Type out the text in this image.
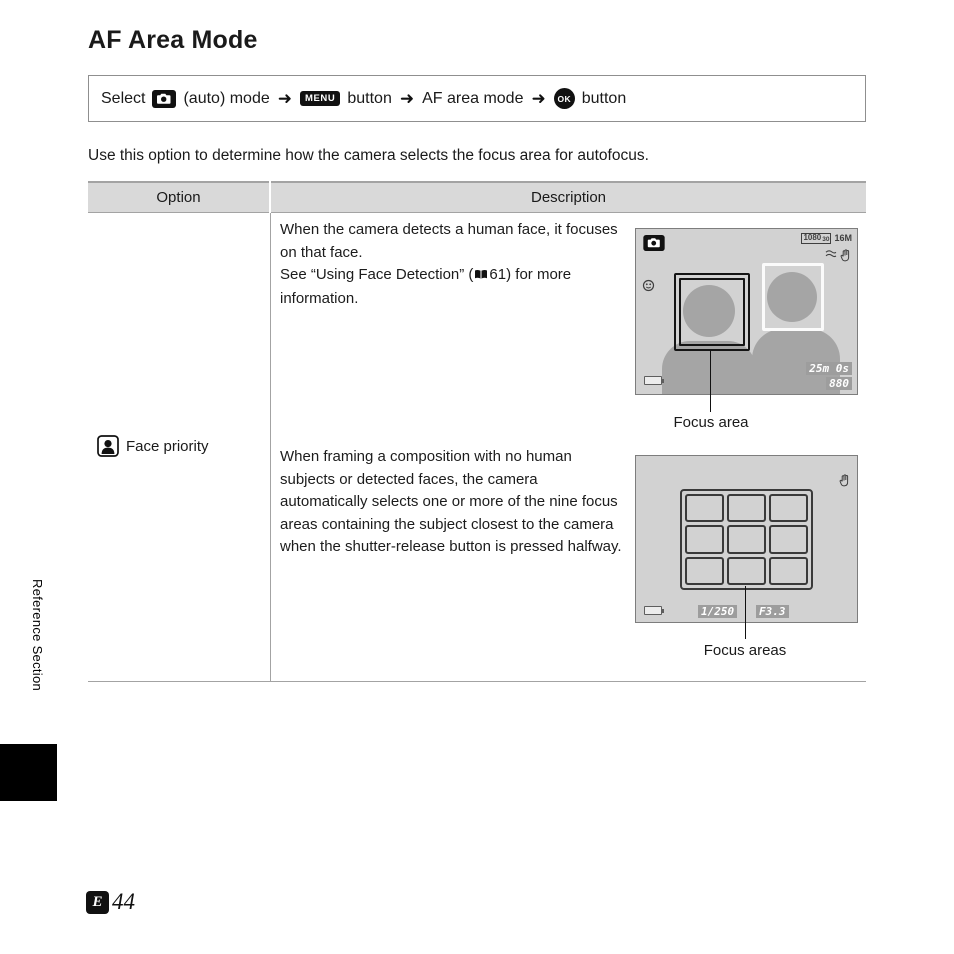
AF Area Mode
Select (auto) mode ➜	MENU button ➜ AF area mode ➜	OK button

Use this option to determine how the camera selects the focus area for autofocus.

Option	Description
Face priority
When the camera detects a human face, it focuses on that face.
See “Using Face Detection” ( 61) for more information.
1080 30 16M
25m 0s
880
Focus area
When framing a composition with no human subjects or detected faces, the camera automatically selects one or more of the nine focus areas containing the subject closest to the camera when the shutter-release button is pressed halfway.
1/250 F3.3
Focus areas
Reference Section
E 44
